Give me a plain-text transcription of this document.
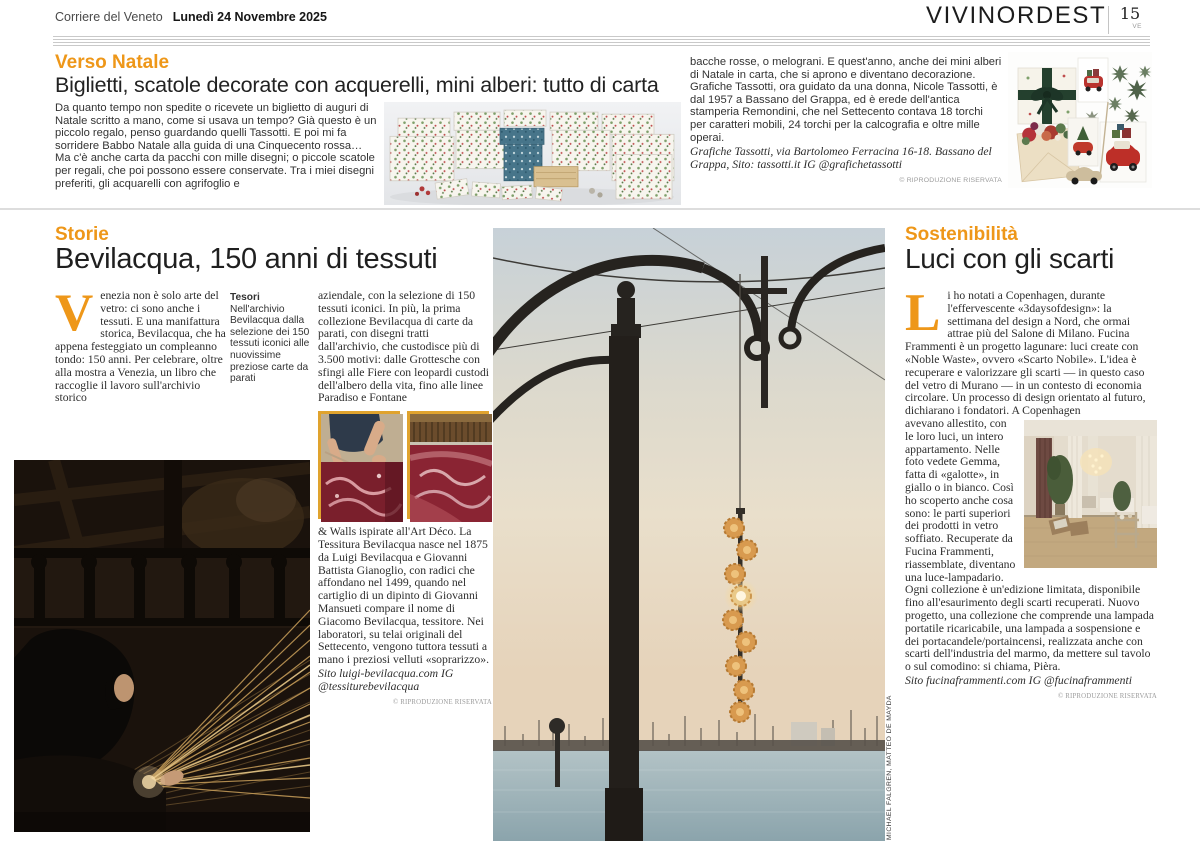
Corriere del Veneto Lunedì 24 Novembre 2025	VIVINORDEST 15
VE
Verso Natale
Biglietti, scatole decorate con acquerelli, mini alberi: tutto di carta
Da quanto tempo non spedite o ricevete un biglietto di auguri di Natale scritto a mano, come si usava un tempo? Già questo è un piccolo regalo, penso guardando quelli Tassotti. E poi mi fa sorridere Babbo Natale alla guida di una Cinquecento rossa… Ma c'è anche carta da pacchi con mille disegni; o piccole scatole per regali, che poi possono essere conservate. Tra i miei disegni preferiti, gli acquarelli con agrifoglio e

bacche rosse, o melograni. E quest'anno, anche dei mini alberi di Natale in carta, che si aprono e diventano decorazione. Grafiche Tassotti, ora guidato da una donna, Nicole Tassotti, è dal 1957 a Bassano del Grappa, ed è erede dell'antica stamperia Remondini, che nel Settecento contava 18 torchi per caratteri mobili, 24 torchi per la calcografia e oltre mille operai.

Grafiche Tassotti, via Bartolomeo Ferracina 16-18. Bassano del Grappa, Sito: tassotti.it IG @grafichetassotti

© RIPRODUZIONE RISERVATA
Storie
Bevilacqua, 150 anni di tessuti

Venezia non è solo arte del vetro: ci sono anche i tessuti. E una manifattura storica, Bevilacqua, che ha appena festeggiato un compleanno tondo: 150 anni. Per celebrare, oltre alla mostra a Venezia, un libro che raccoglie il lavoro sull'archivio storico

Tesori
Nell'archivio Bevilacqua dalla selezione dei 150 tessuti iconici alle nuovissime preziose carte da parati

aziendale, con la selezione di 150 tessuti iconici. In più, la prima collezione Bevilacqua di carte da parati, con disegni tratti dall'archivio, che custodisce più di 3.500 motivi: dalle Grottesche con sfingi alle Fiere con leopardi custodi dell'albero della vita, fino alle linee Paradiso e Fontane

& Walls ispirate all'Art Déco. La Tessitura Bevilacqua nasce nel 1875 da Luigi Bevilacqua e Giovanni Battista Gianoglio, con radici che affondano nel 1499, quando nel cartiglio di un dipinto di Giovanni Mansueti compare il nome di Giacomo Bevilacqua, tessitore. Nei laboratori, su telai originali del Settecento, vengono tuttora tessuti a mano i preziosi velluti «soprarizzo».

Sito luigi-bevilacqua.com IG @tessiturebevilacqua

© RIPRODUZIONE RISERVATA	MICHAEL FALGREN, MATTEO DE MAYDA
Sostenibilità
Luci con gli scarti

Li ho notati a Copenhagen, durante l'effervescente «3daysofdesign»: la settimana del design a Nord, che ormai attrae più del Salone di Milano. Fucina Frammenti è un progetto lagunare: luci create con «Noble Waste», ovvero «Scarto Nobile». L'idea è recuperare e valorizzare gli scarti — in questo caso del vetro di Murano — in un contesto di economia circolare. Un processo di design orientato al futuro, dichiarano i fondatori. A Copenhagen

avevano allestito, con le loro luci, un intero appartamento. Nelle foto vedete Gemma, fatta di «galotte», in giallo o in bianco. Così ho scoperto anche cosa sono: le parti superiori dei prodotti in vetro soffiato. Recuperate da Fucina Frammenti, riassemblate, diventano una luce-lampadario. Ogni collezione è un'edizione limitata, disponibile fino all'esaurimento degli scarti recuperati. Nuovo progetto, una collezione che comprende una lampada portatile ricaricabile, una lampada a sospensione e dei portacandele/portaincensi, realizzata anche con scarti dell'industria del marmo, da mettere sul tavolo o sul comodino: si chiama, Pièra.

Sito fucinaframmenti.com IG @fucinaframmenti

© RIPRODUZIONE RISERVATA
